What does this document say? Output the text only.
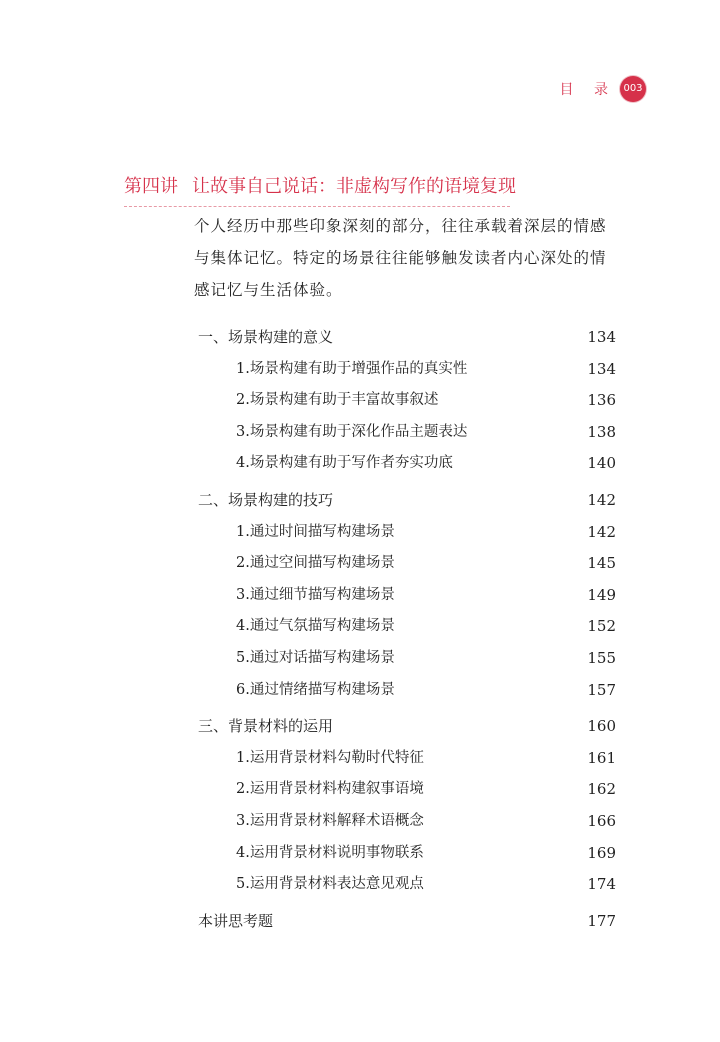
目 录 003
第四讲 让故事自己说话：非虚构写作的语境复现

个人经历中那些印象深刻的部分，往往承载着深层的情感与集体记忆。特定的场景往往能够触发读者内心深处的情感记忆与生活体验。

一、场景构建的意义	134
1.场景构建有助于增强作品的真实性	134
2.场景构建有助于丰富故事叙述	136
3.场景构建有助于深化作品主题表达	138
4.场景构建有助于写作者夯实功底	140
二、场景构建的技巧	142
1.通过时间描写构建场景	142
2.通过空间描写构建场景	145
3.通过细节描写构建场景	149
4.通过气氛描写构建场景	152
5.通过对话描写构建场景	155
6.通过情绪描写构建场景	157
三、背景材料的运用	160
1.运用背景材料勾勒时代特征	161
2.运用背景材料构建叙事语境	162
3.运用背景材料解释术语概念	166
4.运用背景材料说明事物联系	169
5.运用背景材料表达意见观点	174
本讲思考题	177
